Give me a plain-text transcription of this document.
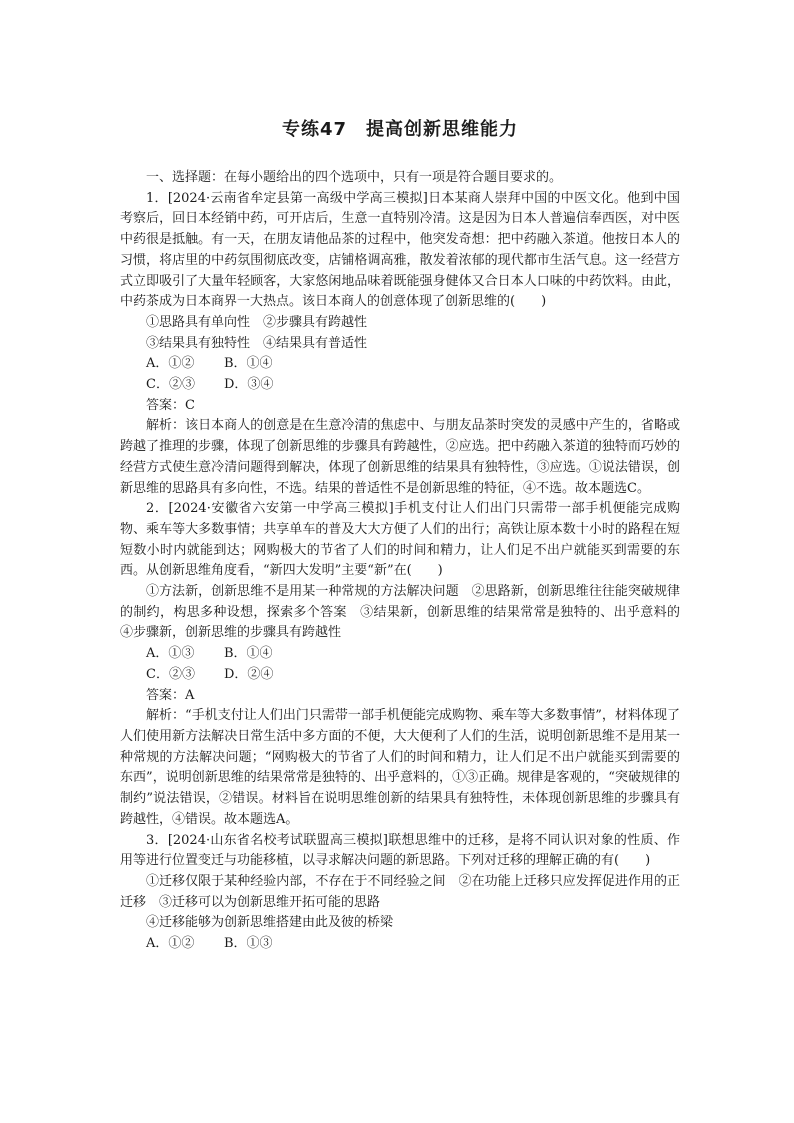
专练47　提高创新思维能力

一、选择题：在每小题给出的四个选项中，只有一项是符合题目要求的。

1．[2024·云南省牟定县第一高级中学高三模拟]日本某商人崇拜中国的中医文化。他到中国考察后，回日本经销中药，可开店后，生意一直特别冷清。这是因为日本人普遍信奉西医，对中医中药很是抵触。有一天，在朋友请他品茶的过程中，他突发奇想：把中药融入茶道。他按日本人的习惯，将店里的中药氛围彻底改变，店铺格调高雅，散发着浓郁的现代都市生活气息。这一经营方式立即吸引了大量年轻顾客，大家悠闲地品味着既能强身健体又合日本人口味的中药饮料。由此，中药茶成为日本商界一大热点。该日本商人的创意体现了创新思维的(　　)

①思路具有单向性　②步骤具有跨越性

③结果具有独特性　④结果具有普适性

A．①② B．①④

C．②③ D．③④

答案：C

解析：该日本商人的创意是在生意冷清的焦虑中、与朋友品茶时突发的灵感中产生的，省略或跨越了推理的步骤，体现了创新思维的步骤具有跨越性，②应选。把中药融入茶道的独特而巧妙的经营方式使生意冷清问题得到解决，体现了创新思维的结果具有独特性，③应选。①说法错误，创新思维的思路具有多向性，不选。结果的普适性不是创新思维的特征，④不选。故本题选C。

2．[2024·安徽省六安第一中学高三模拟]手机支付让人们出门只需带一部手机便能完成购物、乘车等大多数事情；共享单车的普及大大方便了人们的出行；高铁让原本数十小时的路程在短短数小时内就能到达；网购极大的节省了人们的时间和精力，让人们足不出户就能买到需要的东西。从创新思维角度看，“新四大发明”主要“新”在(　　)

①方法新，创新思维不是用某一种常规的方法解决问题　②思路新，创新思维往往能突破规律的制约，构思多种设想，探索多个答案　③结果新，创新思维的结果常常是独特的、出乎意料的　④步骤新，创新思维的步骤具有跨越性

A．①③ B．①④

C．②③ D．②④

答案：A

解析：“手机支付让人们出门只需带一部手机便能完成购物、乘车等大多数事情”，材料体现了人们使用新方法解决日常生活中多方面的不便，大大便利了人们的生活，说明创新思维不是用某一种常规的方法解决问题；“网购极大的节省了人们的时间和精力，让人们足不出户就能买到需要的东西”，说明创新思维的结果常常是独特的、出乎意料的，①③正确。规律是客观的，“突破规律的制约”说法错误，②错误。材料旨在说明思维创新的结果具有独特性，未体现创新思维的步骤具有跨越性，④错误。故本题选A。

3．[2024·山东省名校考试联盟高三模拟]联想思维中的迁移，是将不同认识对象的性质、作用等进行位置变迁与功能移植，以寻求解决问题的新思路。下列对迁移的理解正确的有(　　)

①迁移仅限于某种经验内部，不存在于不同经验之间　②在功能上迁移只应发挥促进作用的正迁移　③迁移可以为创新思维开拓可能的思路

④迁移能够为创新思维搭建由此及彼的桥梁

A．①② B．①③
